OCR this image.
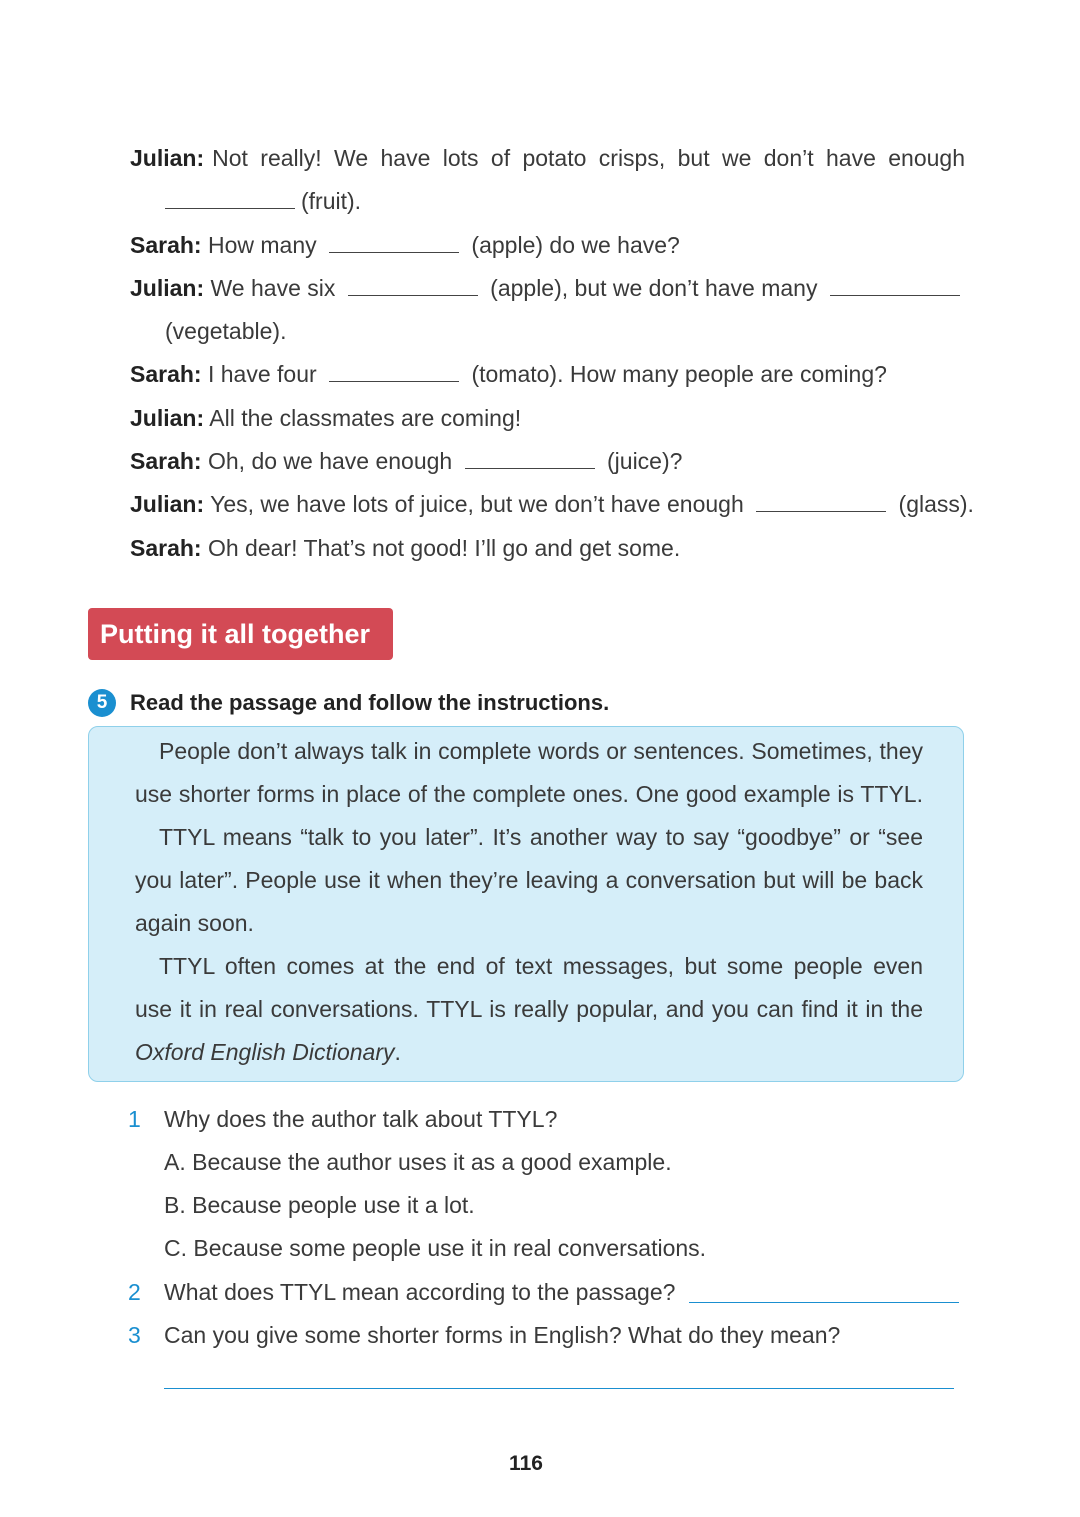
Julian: Not really! We have lots of potato crisps, but we don’t have enough
(fruit).
Sarah: How many	(apple) do we have?
Julian: We have six	(apple), but we don’t have many
(vegetable).
Sarah: I have four	(tomato). How many people are coming?
Julian: All the classmates are coming!
Sarah: Oh, do we have enough	(juice)?
Julian: Yes, we have lots of juice, but we don’t have enough	(glass).
Sarah: Oh dear! That’s not good! I’ll go and get some.
Putting it all together
5	Read the passage and follow the instructions.
People don’t always talk in complete words or sentences. Sometimes, they
use shorter forms in place of the complete ones. One good example is TTYL.
TTYL means “talk to you later”. It’s another way to say “goodbye” or “see
you later”. People use it when they’re leaving a conversation but will be back
again soon.
TTYL often comes at the end of text messages, but some people even
use it in real conversations. TTYL is really popular, and you can find it in the
Oxford English Dictionary.
1 Why does the author talk about TTYL?
A. Because the author uses it as a good example.
B. Because people use it a lot.
C. Because some people use it in real conversations.
2 What does TTYL mean according to the passage?
3 Can you give some shorter forms in English? What do they mean?
116
